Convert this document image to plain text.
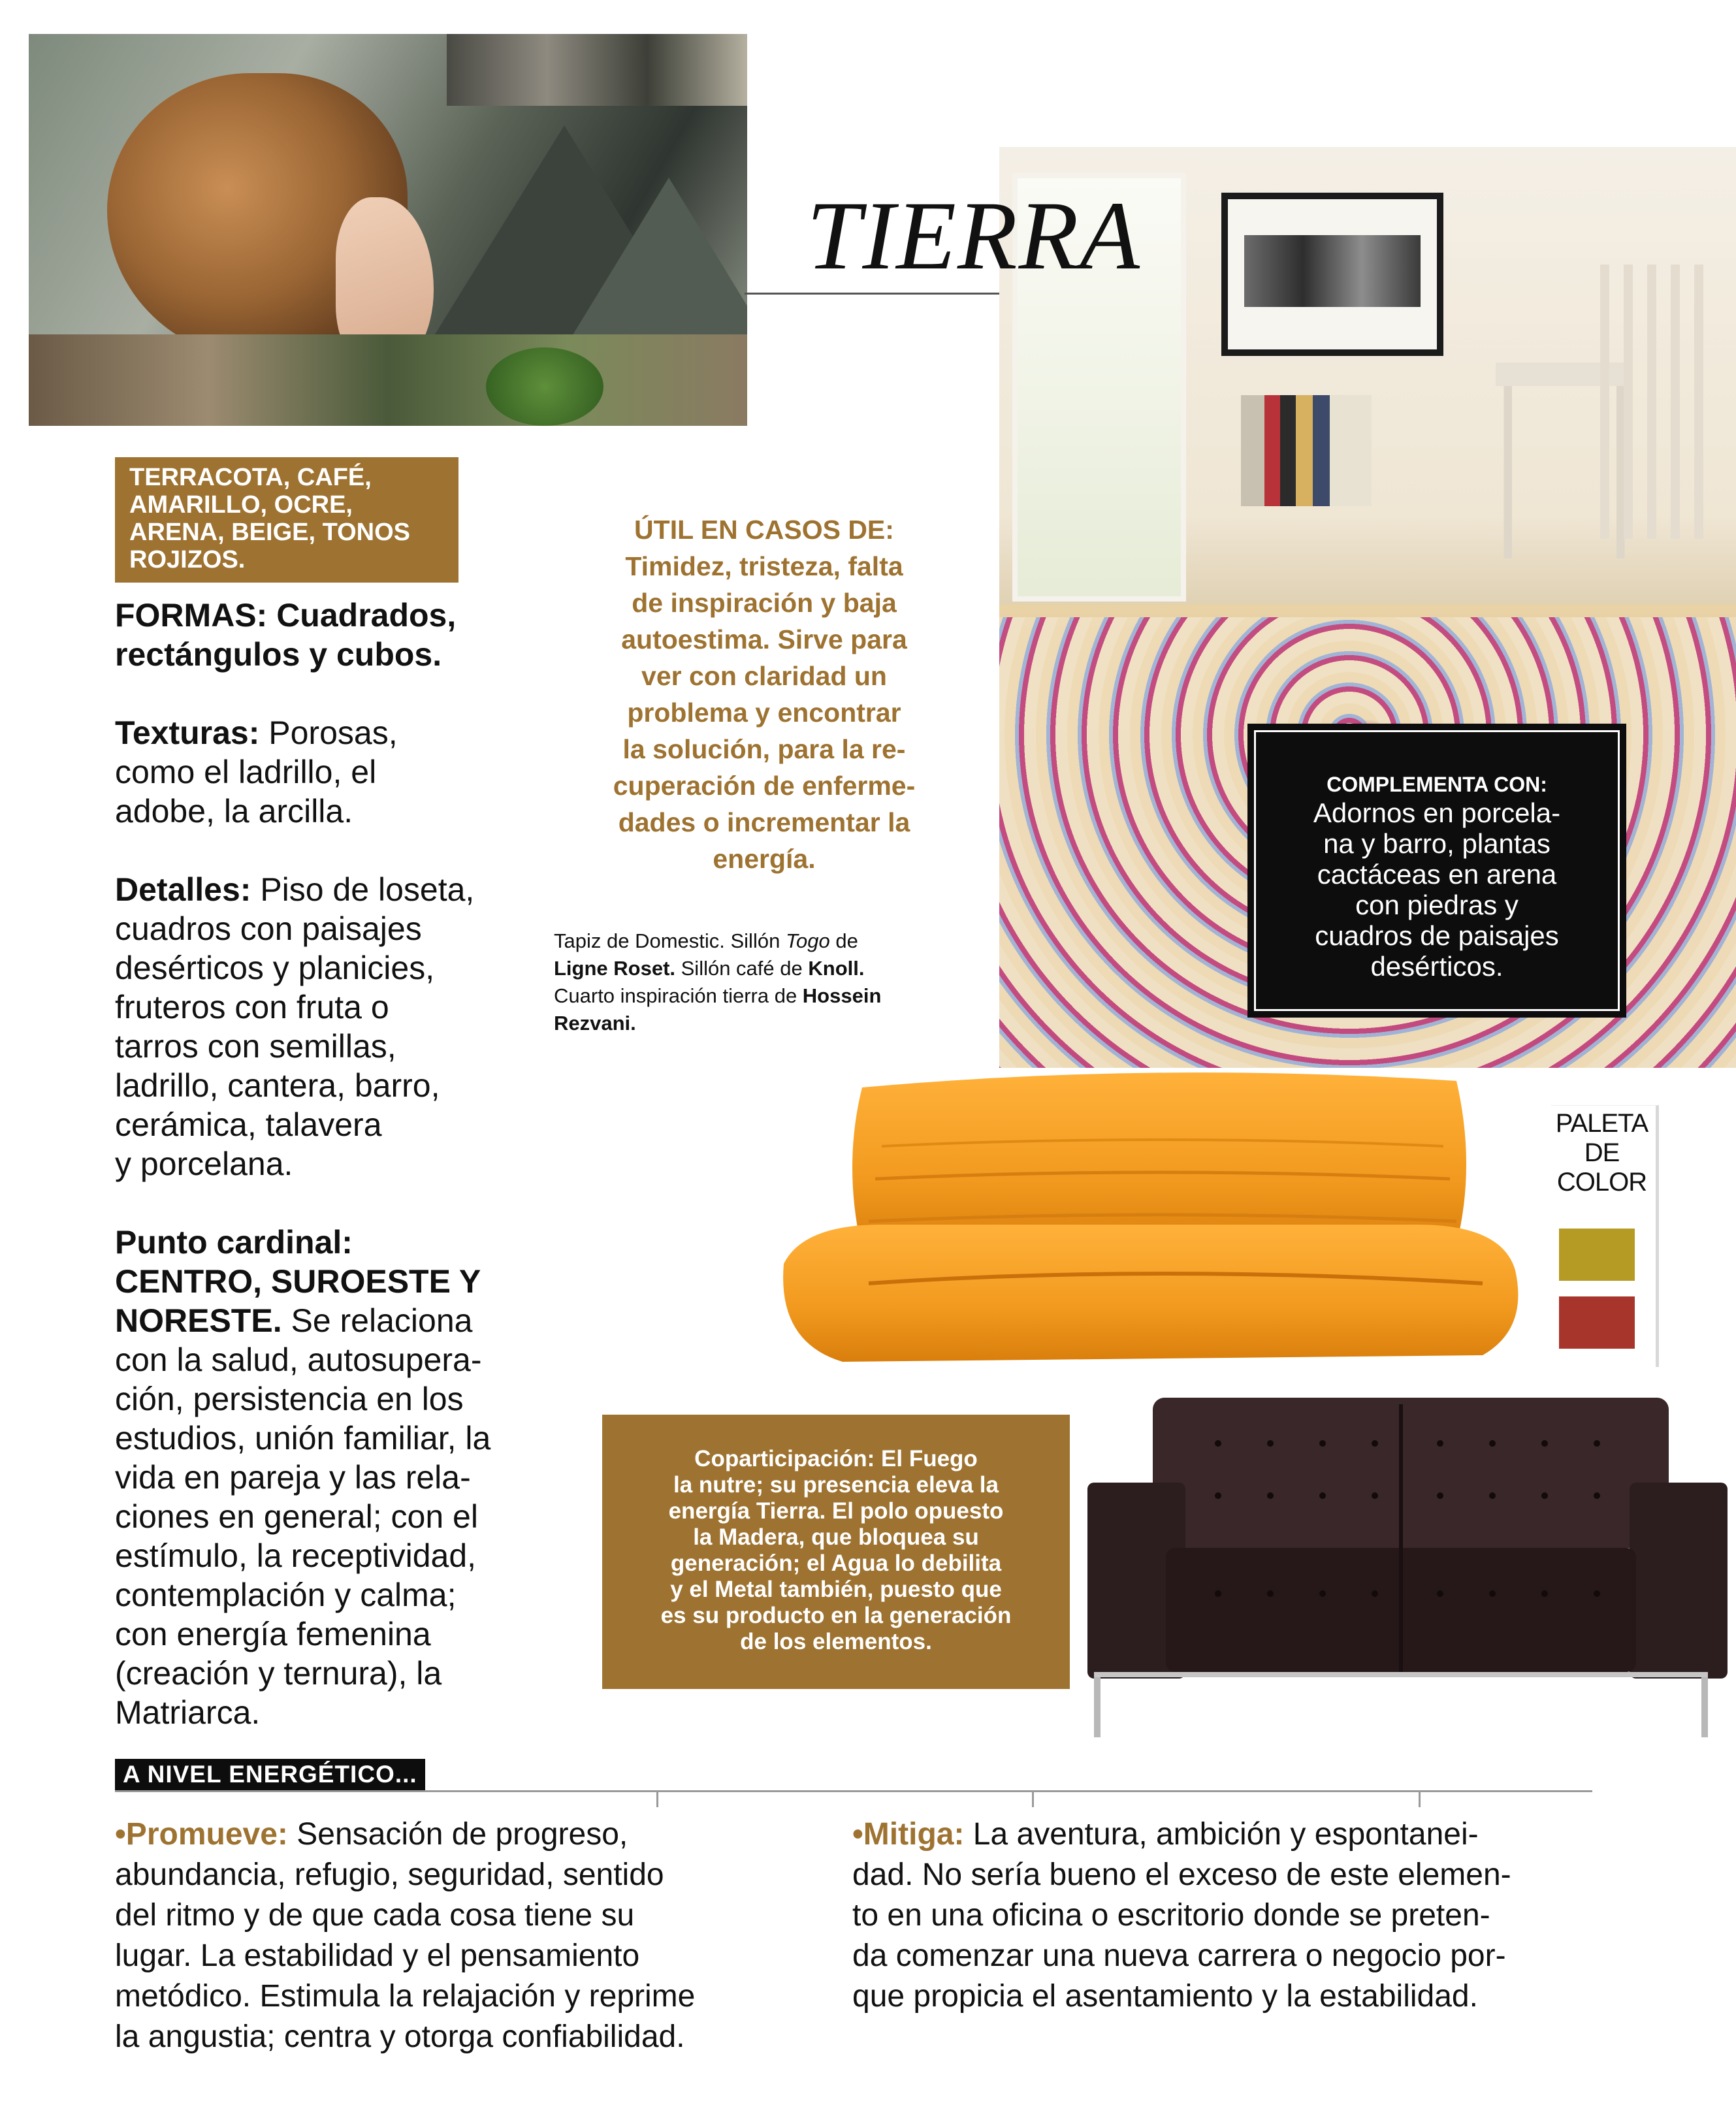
TIERRA
TERRACOTA, CAFÉ,
AMARILLO, OCRE,
ARENA, BEIGE, TONOS
ROJIZOS.

FORMAS: Cuadrados,
rectángulos y cubos.

Texturas: Porosas,
como el ladrillo, el
adobe, la arcilla.

Detalles: Piso de loseta,
cuadros con paisajes
desérticos y planicies,
fruteros con fruta o
tarros con semillas,
ladrillo, cantera, barro,
cerámica, talavera
y porcelana.

Punto cardinal:
CENTRO, SUROESTE Y
NORESTE. Se relaciona
con la salud, autosupera-
ción, persistencia en los
estudios, unión familiar, la
vida en pareja y las rela-
ciones en general; con el
estímulo, la receptividad,
contemplación y calma;
con energía femenina
(creación y ternura), la
Matriarca.

ÚTIL EN CASOS DE:
Timidez, tristeza, falta
de inspiración y baja
autoestima. Sirve para
ver con claridad un
problema y encontrar
la solución, para la re-
cuperación de enferme-
dades o incrementar la
energía.
Tapiz de Domestic. Sillón Togo de
Ligne Roset. Sillón café de Knoll.
Cuarto inspiración tierra de Hossein
Rezvani.
COMPLEMENTA CON:
Adornos en porcela-
na y barro, plantas
cactáceas en arena
con piedras y
cuadros de paisajes
desérticos.
PALETA
DE
COLOR
Coparticipación: El Fuego
la nutre; su presencia eleva la
energía Tierra. El polo opuesto
la Madera, que bloquea su
generación; el Agua lo debilita
y el Metal también, puesto que
es su producto en la generación
de los elementos.
A NIVEL ENERGÉTICO...
•Promueve: Sensación de progreso,
abundancia, refugio, seguridad, sentido
del ritmo y de que cada cosa tiene su
lugar. La estabilidad y el pensamiento
metódico. Estimula la relajación y reprime
la angustia; centra y otorga confiabilidad.
•Mitiga: La aventura, ambición y espontanei-
dad. No sería bueno el exceso de este elemen-
to en una oficina o escritorio donde se preten-
da comenzar una nueva carrera o negocio por-
que propicia el asentamiento y la estabilidad.
